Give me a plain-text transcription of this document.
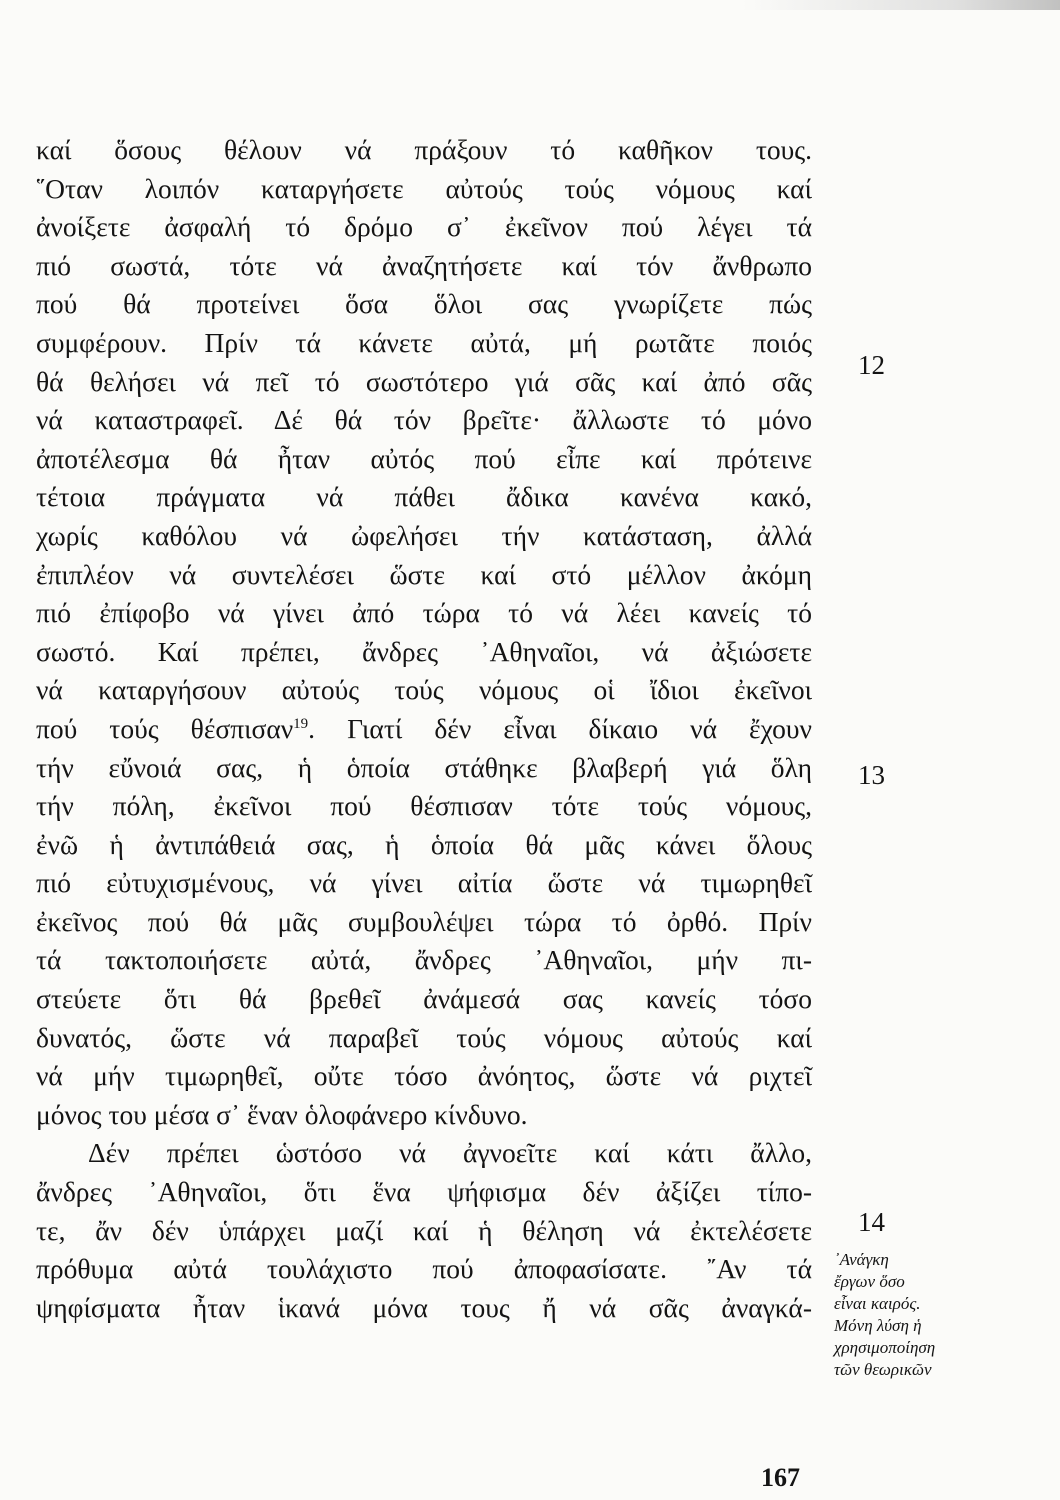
καί ὅσους θέλουν νά πράξουν τό καθῆκον τους.
῞Οταν λοιπόν καταργήσετε αὐτούς τούς νόμους καί
ἀνοίξετε ἀσφαλή τό δρόμο σ᾽ ἐκεῖνον πού λέγει τά
πιό σωστά, τότε νά ἀναζητήσετε καί τόν ἄνθρωπο
πού θά προτείνει ὅσα ὅλοι σας γνωρίζετε πώς
συμφέρουν. Πρίν τά κάνετε αὐτά, μή ρωτᾶτε ποιός
θά θελήσει νά πεῖ τό σωστότερο γιά σᾶς καί ἀπό σᾶς
νά καταστραφεῖ. Δέ θά τόν βρεῖτε· ἄλλωστε τό μόνο
ἀποτέλεσμα θά ἦταν αὐτός πού εἶπε καί πρότεινε
τέτοια πράγματα νά πάθει ἄδικα κανένα κακό,
χωρίς καθόλου νά ὠφελήσει τήν κατάσταση, ἀλλά
ἐπιπλέον νά συντελέσει ὥστε καί στό μέλλον ἀκόμη
πιό ἐπίφοβο νά γίνει ἀπό τώρα τό νά λέει κανείς τό
σωστό. Καί πρέπει, ἄνδρες ᾿Αθηναῖοι, νά ἀξιώσετε
νά καταργήσουν αὐτούς τούς νόμους οἱ ἴδιοι ἐκεῖνοι
πού τούς θέσπισαν$^{19}$. Γιατί δέν εἶναι δίκαιο νά ἔχουν
τήν εὔνοιά σας, ἡ ὁποία στάθηκε βλαβερή γιά ὅλη
τήν πόλη, ἐκεῖνοι πού θέσπισαν τότε τούς νόμους,
ἐνῶ ἡ ἀντιπάθειά σας, ἡ ὁποία θά μᾶς κάνει ὅλους
πιό εὐτυχισμένους, νά γίνει αἰτία ὥστε νά τιμωρηθεῖ
ἐκεῖνος πού θά μᾶς συμβουλέψει τώρα τό ὀρθό. Πρίν
τά τακτοποιήσετε αὐτά, ἄνδρες ᾿Αθηναῖοι, μήν πι-
στεύετε ὅτι θά βρεθεῖ ἀνάμεσά σας κανείς τόσο
δυνατός, ὥστε νά παραβεῖ τούς νόμους αὐτούς καί
νά μήν τιμωρηθεῖ, οὔτε τόσο ἀνόητος, ὥστε νά ριχτεῖ
μόνος του μέσα σ᾽ ἕναν ὁλοφάνερο κίνδυνο.
Δέν πρέπει ὡστόσο νά ἀγνοεῖτε καί κάτι ἄλλο,
ἄνδρες ᾿Αθηναῖοι, ὅτι ἕνα ψήφισμα δέν ἀξίζει τίπο-
τε, ἄν δέν ὑπάρχει μαζί καί ἡ θέληση νά ἐκτελέσετε
πρόθυμα αὐτά τουλάχιστο πού ἀποφασίσατε. ῎Αν τά
ψηφίσματα ἦταν ἱκανά μόνα τους ἤ νά σᾶς ἀναγκά-
12
13
14
᾿Ανάγκη
ἔργων ὅσο
εἶναι καιρός.
Μόνη λύση ἡ
χρησιμοποίηση
τῶν θεωρικῶν
167
